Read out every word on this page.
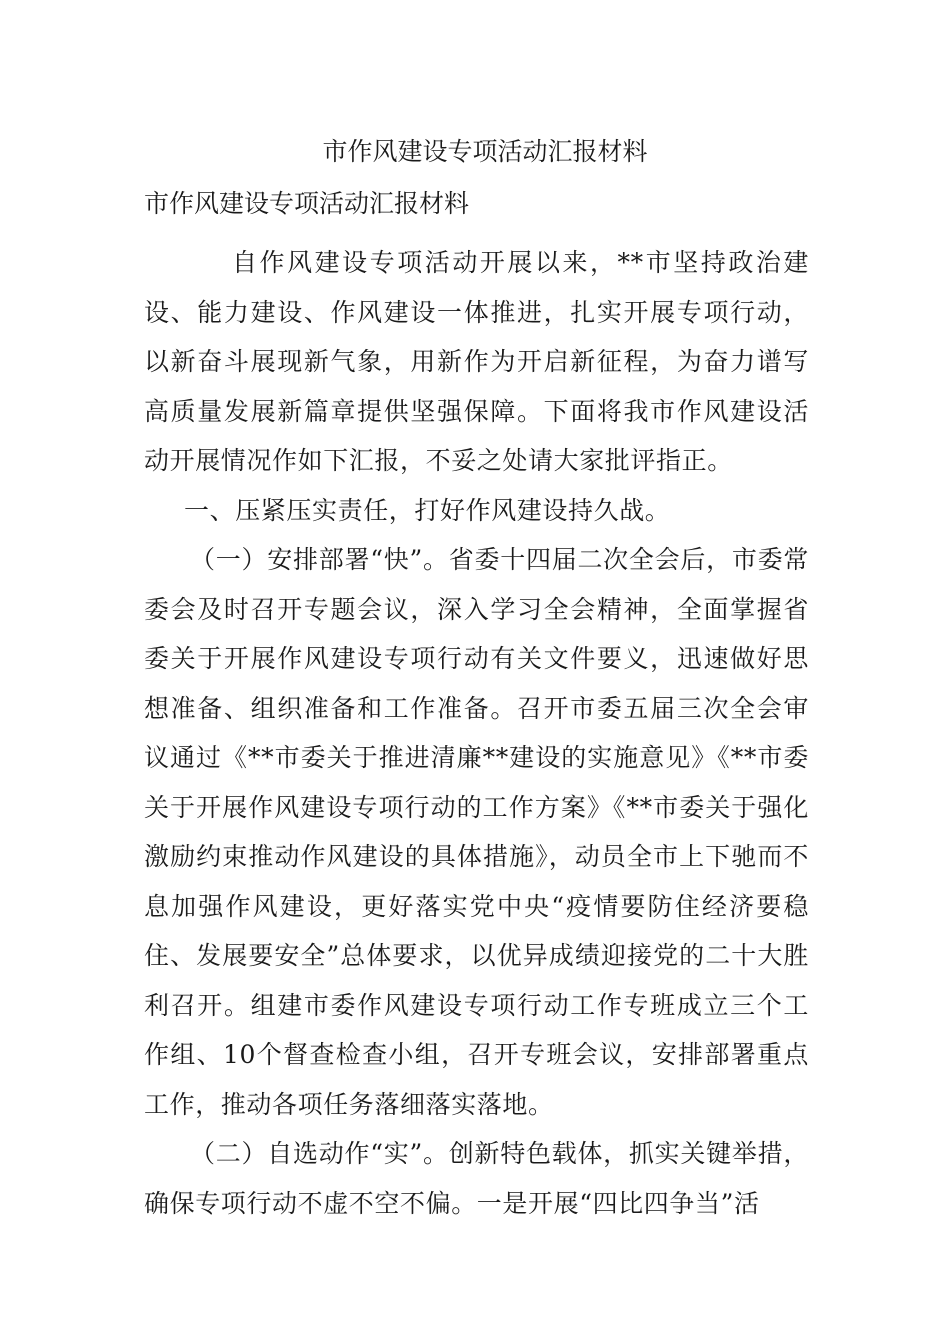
市作风建设专项活动汇报材料
市作风建设专项活动汇报材料

自作风建设专项活动开展以来，**市坚持政治建设、能力建设、作风建设一体推进，扎实开展专项行动，以新奋斗展现新气象，用新作为开启新征程，为奋力谱写高质量发展新篇章提供坚强保障。下面将我市作风建设活动开展情况作如下汇报，不妥之处请大家批评指正。

一、压紧压实责任，打好作风建设持久战。

（一）安排部署“快”。省委十四届二次全会后，市委常委会及时召开专题会议，深入学习全会精神，全面掌握省委关于开展作风建设专项行动有关文件要义，迅速做好思想准备、组织准备和工作准备。召开市委五届三次全会审议通过《**市委关于推进清廉**建设的实施意见》《**市委关于开展作风建设专项行动的工作方案》《**市委关于强化激励约束推动作风建设的具体措施》，动员全市上下驰而不息加强作风建设，更好落实党中央“疫情要防住经济要稳住、发展要安全”总体要求，以优异成绩迎接党的二十大胜利召开。组建市委作风建设专项行动工作专班成立三个工作组、10个督查检查小组，召开专班会议，安排部署重点工作，推动各项任务落细落实落地。

（二）自选动作“实”。创新特色载体，抓实关键举措，确保专项行动不虚不空不偏。一是开展“四比四争当”活
